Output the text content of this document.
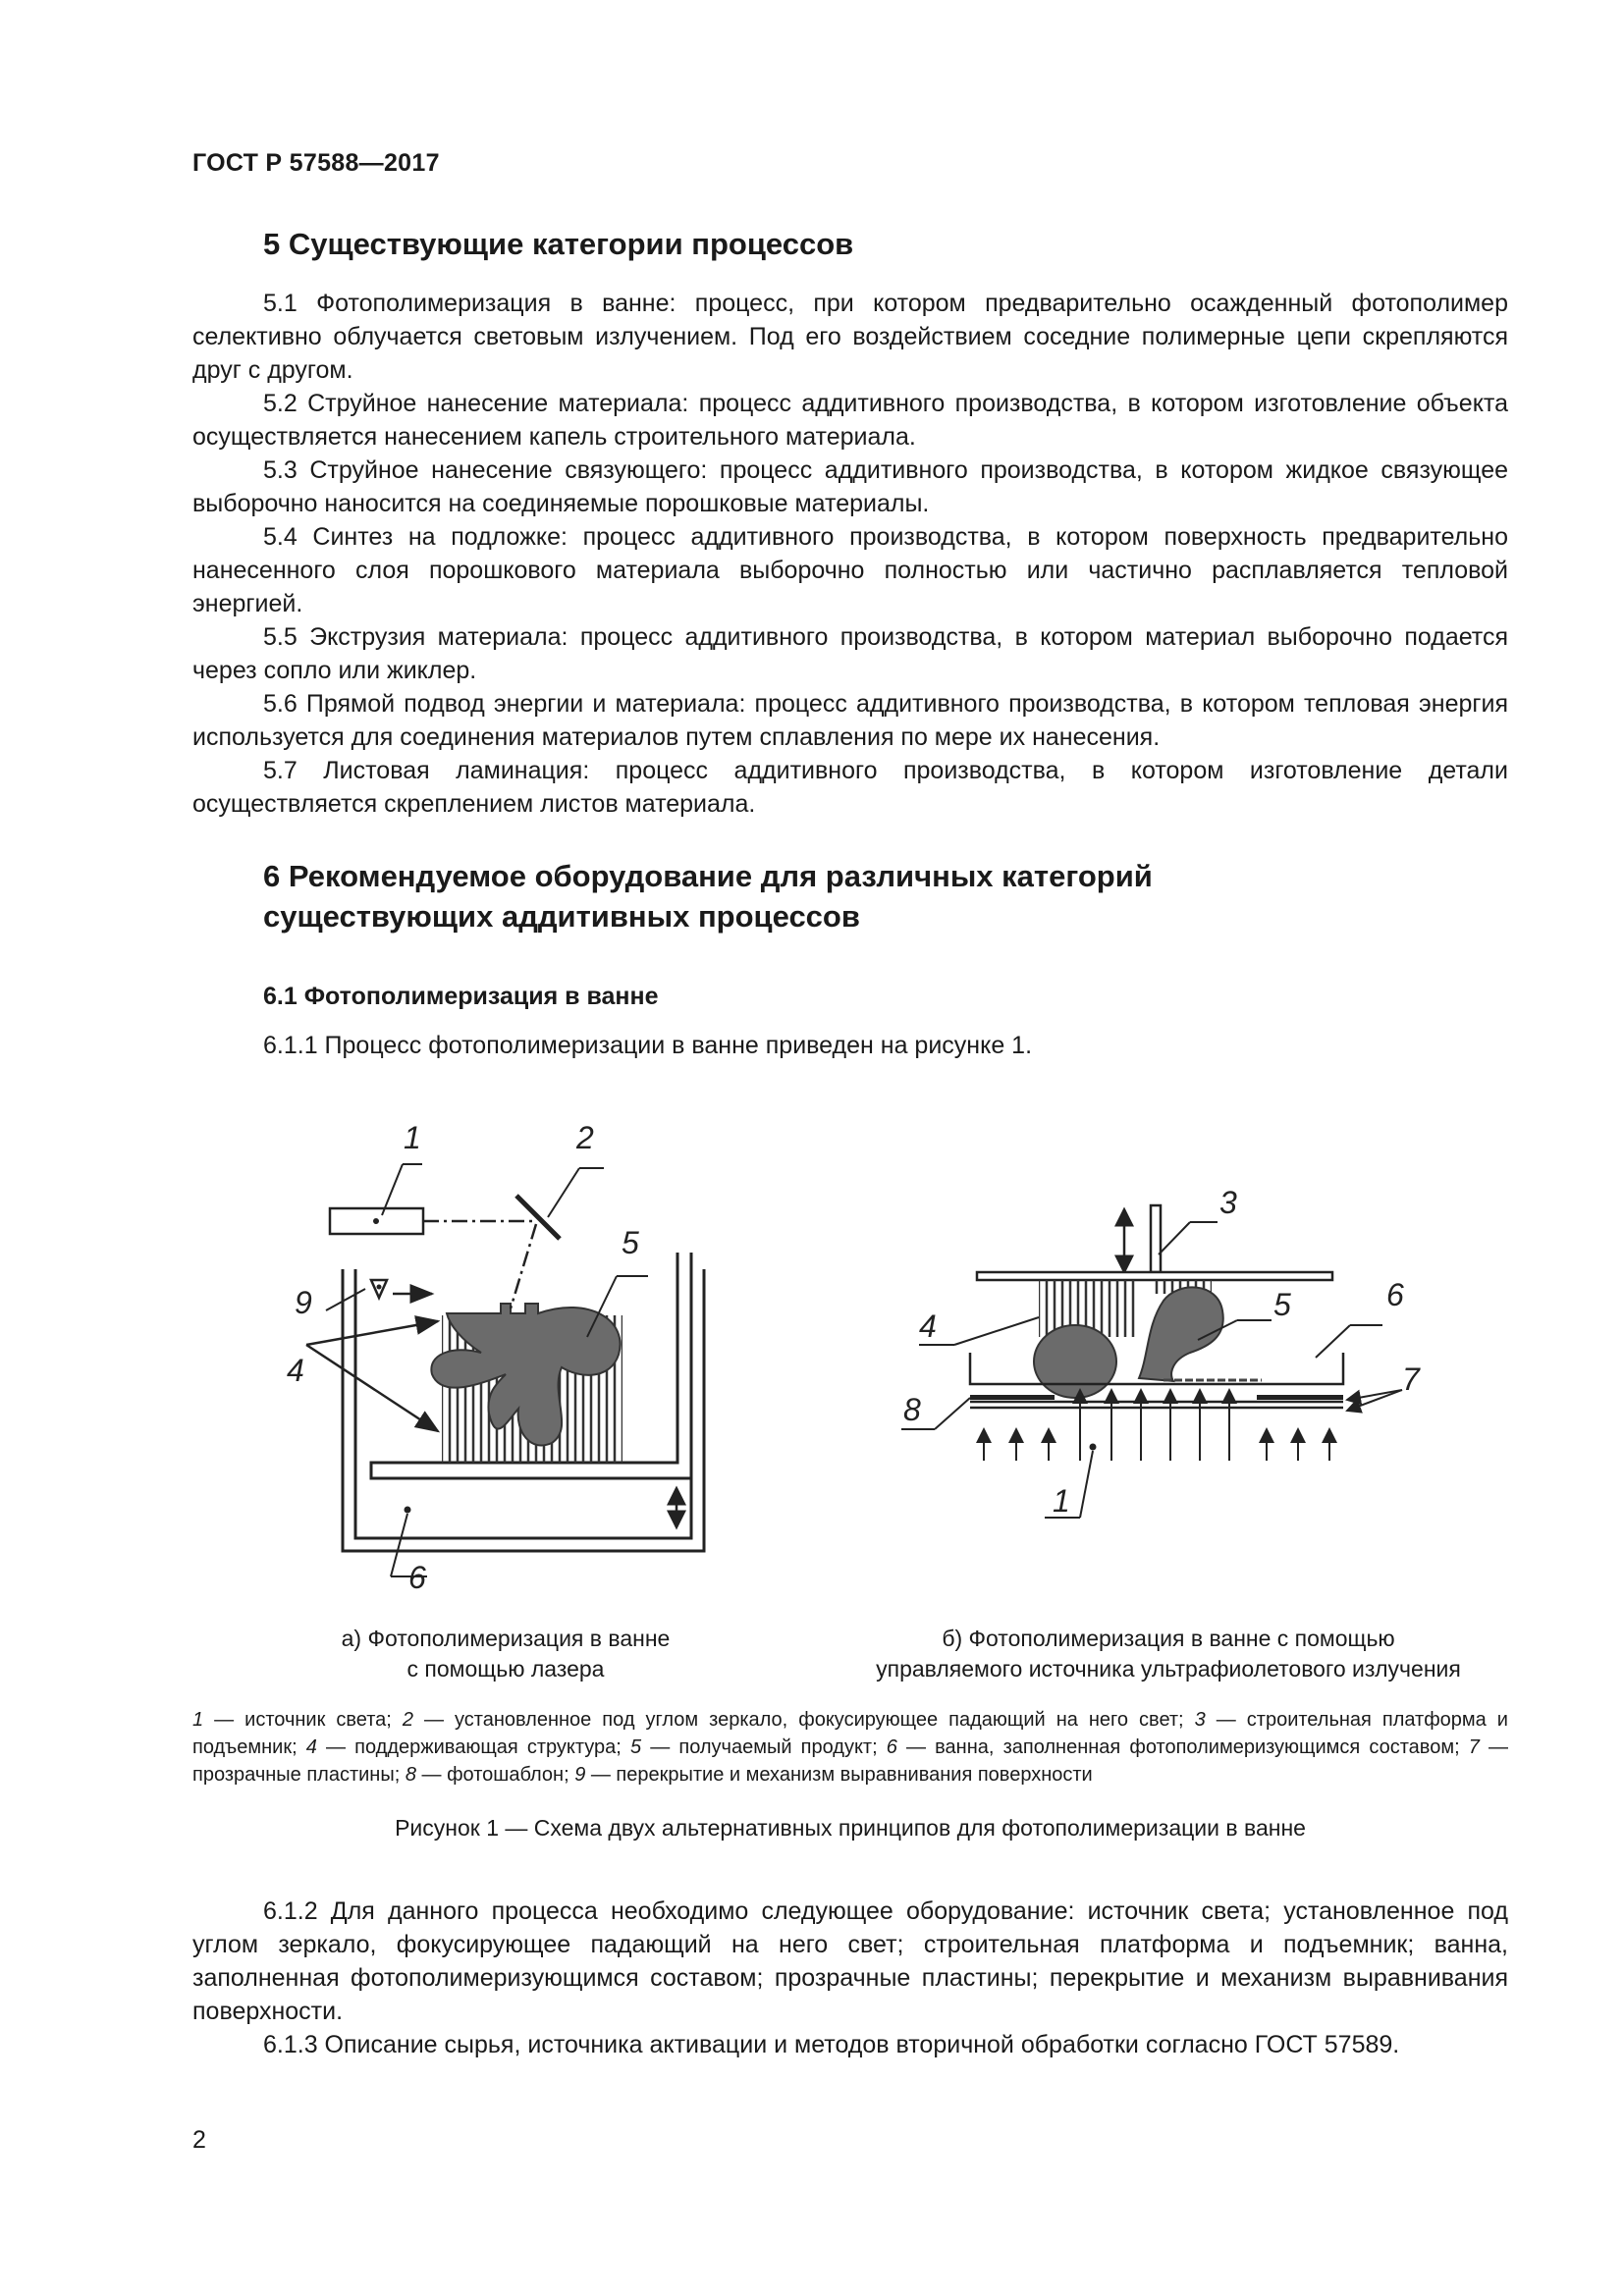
ГОСТ Р 57588—2017
5 Существующие категории процессов

5.1 Фотополимеризация в ванне: процесс, при котором предварительно осажденный фотополимер селективно облучается световым излучением. Под его воздействием соседние полимерные цепи скрепляются друг с другом.

5.2 Струйное нанесение материала: процесс аддитивного производства, в котором изготовление объекта осуществляется нанесением капель строительного материала.

5.3 Струйное нанесение связующего: процесс аддитивного производства, в котором жидкое связующее выборочно наносится на соединяемые порошковые материалы.

5.4 Синтез на подложке: процесс аддитивного производства, в котором поверхность предварительно нанесенного слоя порошкового материала выборочно полностью или частично расплавляется тепловой энергией.

5.5 Экструзия материала: процесс аддитивного производства, в котором материал выборочно подается через сопло или жиклер.

5.6 Прямой подвод энергии и материала: процесс аддитивного производства, в котором тепловая энергия используется для соединения материалов путем сплавления по мере их нанесения.

5.7 Листовая ламинация: процесс аддитивного производства, в котором изготовление детали осуществляется скреплением листов материала.

6 Рекомендуемое оборудование для различных категорий
существующих аддитивных процессов
6.1 Фотополимеризация в ванне

6.1.1 Процесс фотополимеризации в ванне приведен на рисунке 1.

1	2
5
9
4
6
3
6
5
4
7
8
1
а) Фотополимеризация в ванне
с помощью лазера
б) Фотополимеризация в ванне с помощью
управляемого источника ультрафиолетового излучения
1 — источник света; 2 — установленное под углом зеркало, фокусирующее падающий на него свет; 3 — строительная платформа и подъемник; 4 — поддерживающая структура; 5 — получаемый продукт; 6 — ванна, заполненная фотополимеризующимся составом; 7 — прозрачные пластины; 8 — фотошаблон; 9 — перекрытие и механизм выравнивания поверхности
Рисунок 1 — Схема двух альтернативных принципов для фотополимеризации в ванне

6.1.2 Для данного процесса необходимо следующее оборудование: источник света; установленное под углом зеркало, фокусирующее падающий на него свет; строительная платформа и подъемник; ванна, заполненная фотополимеризующимся составом; прозрачные пластины; перекрытие и механизм выравнивания поверхности.

6.1.3 Описание сырья, источника активации и методов вторичной обработки согласно ГОСТ 57589.

2
